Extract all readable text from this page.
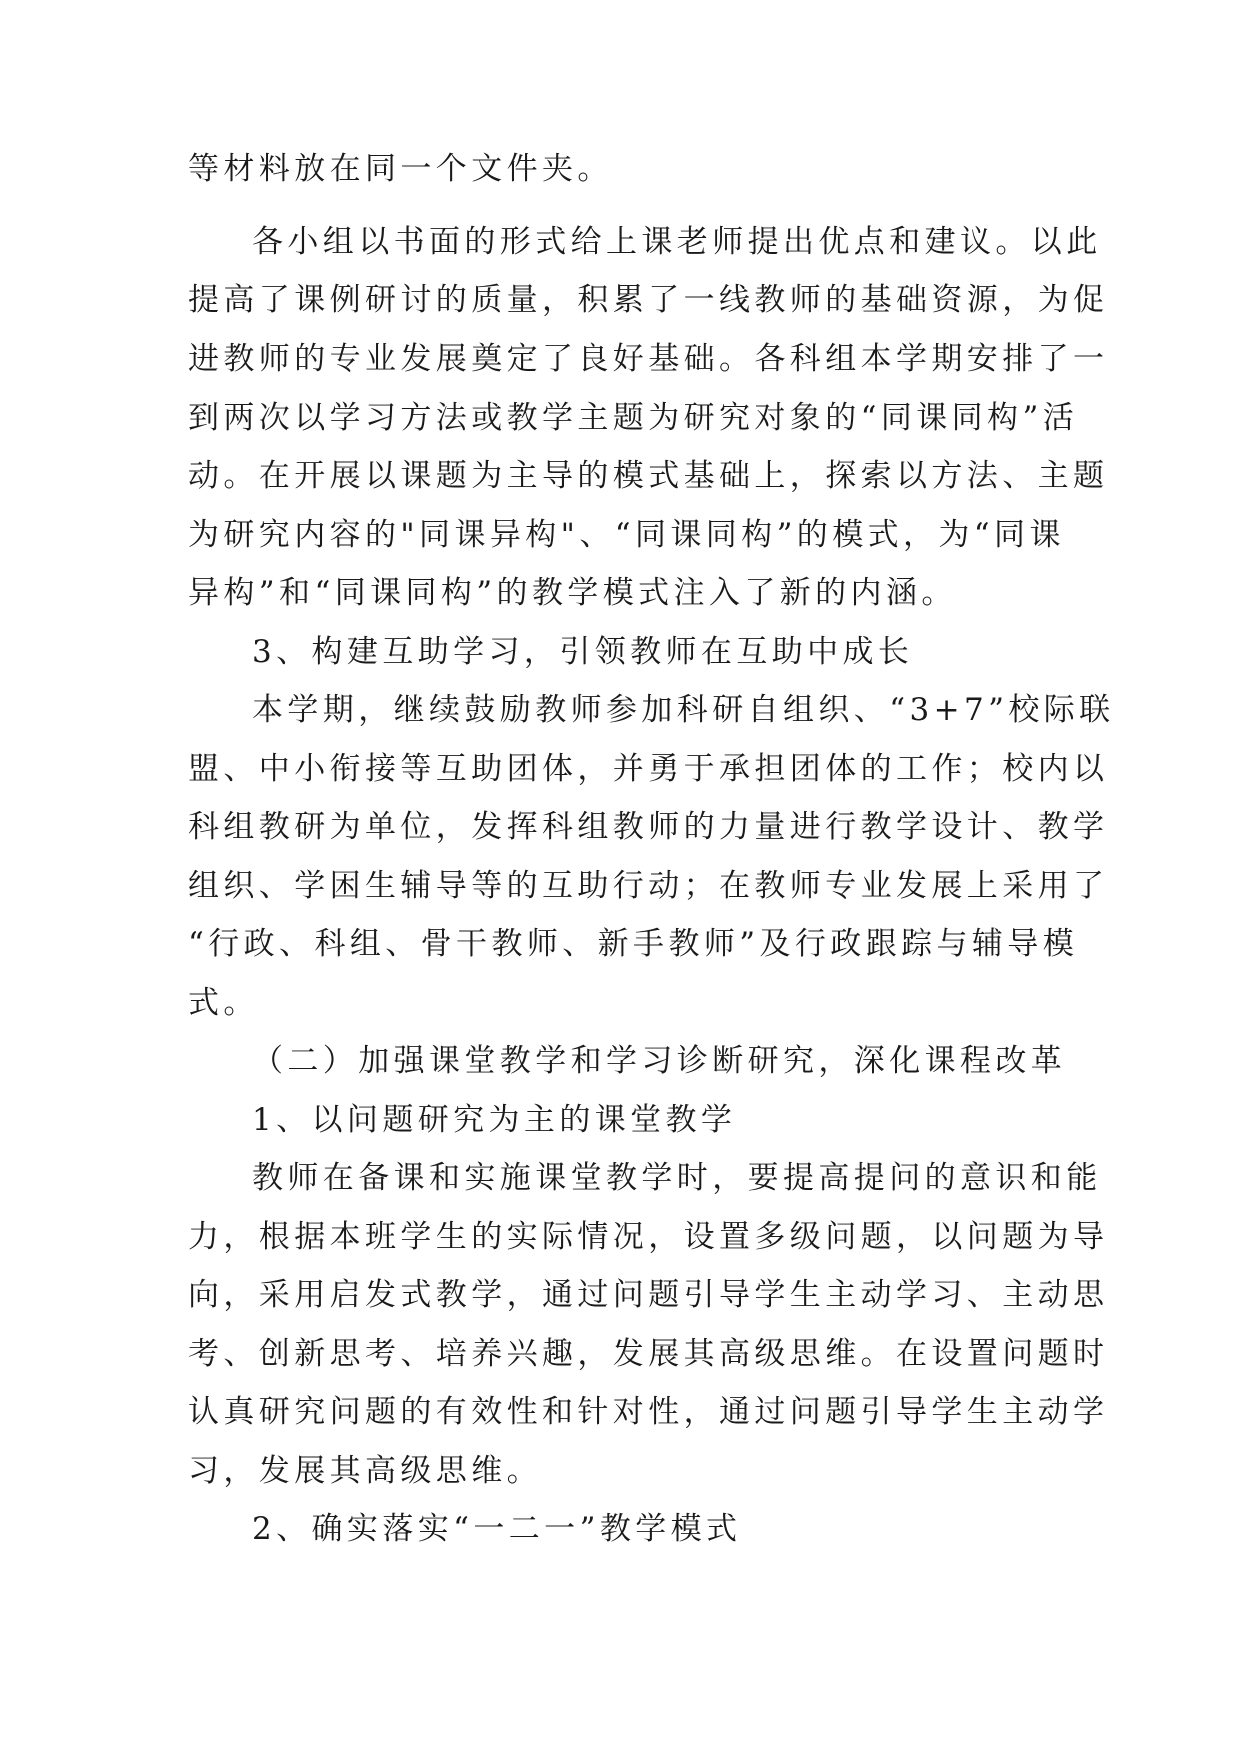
等材料放在同一个文件夹。
各小组以书面的形式给上课老师提出优点和建议。以此
提高了课例研讨的质量，积累了一线教师的基础资源，为促
进教师的专业发展奠定了良好基础。各科组本学期安排了一
到两次以学习方法或教学主题为研究对象的“同课同构”活
动。在开展以课题为主导的模式基础上，探索以方法、主题
为研究内容的"同课异构"、“同课同构”的模式，为“同课
异构”和“同课同构”的教学模式注入了新的内涵。
3、构建互助学习，引领教师在互助中成长
本学期，继续鼓励教师参加科研自组织、“3+7”校际联
盟、中小衔接等互助团体，并勇于承担团体的工作；校内以
科组教研为单位，发挥科组教师的力量进行教学设计、教学
组织、学困生辅导等的互助行动；在教师专业发展上采用了
“行政、科组、骨干教师、新手教师”及行政跟踪与辅导模
式。
（二）加强课堂教学和学习诊断研究，深化课程改革
1、以问题研究为主的课堂教学
教师在备课和实施课堂教学时，要提高提问的意识和能
力，根据本班学生的实际情况，设置多级问题，以问题为导
向，采用启发式教学，通过问题引导学生主动学习、主动思
考、创新思考、培养兴趣，发展其高级思维。在设置问题时
认真研究问题的有效性和针对性，通过问题引导学生主动学
习，发展其高级思维。
2、确实落实“一二一”教学模式
